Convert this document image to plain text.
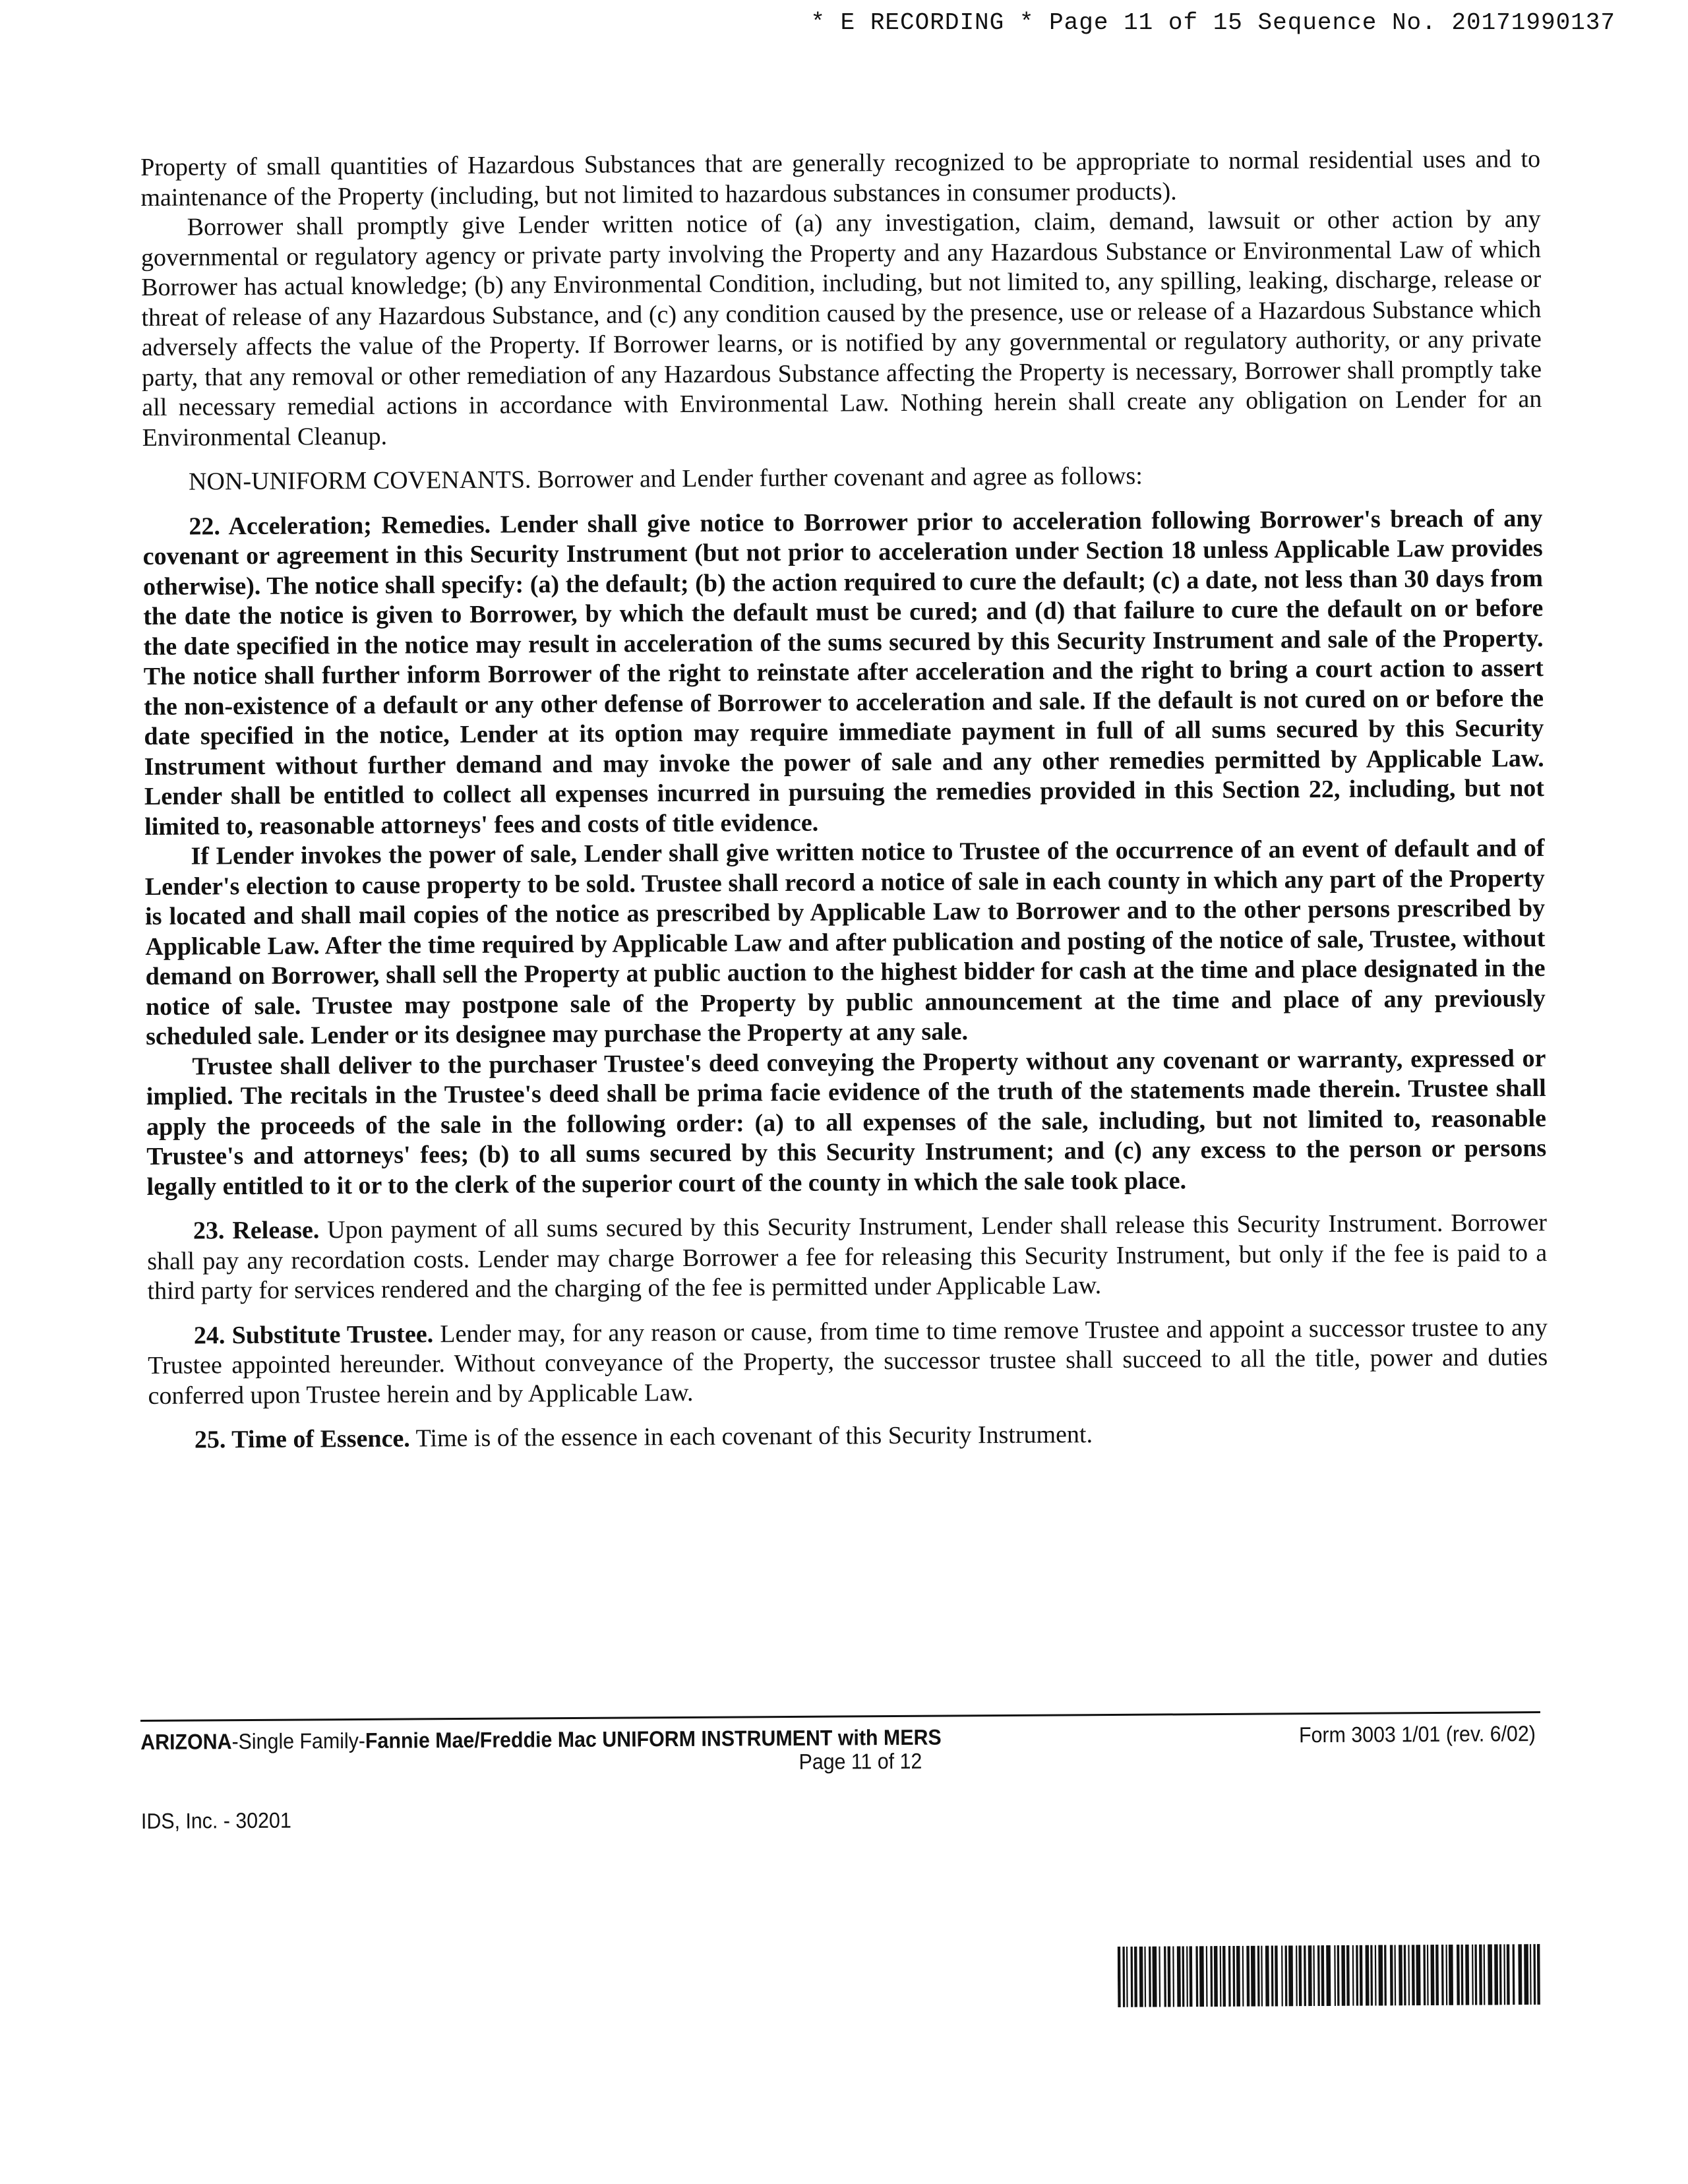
* E RECORDING * Page 11 of 15 Sequence No. 20171990137

Property of small quantities of Hazardous Substances that are generally recognized to be appropriate to normal residential uses and to maintenance of the Property (including, but not limited to hazardous substances in consumer products).

Borrower shall promptly give Lender written notice of (a) any investigation, claim, demand, lawsuit or other action by any governmental or regulatory agency or private party involving the Property and any Hazardous Substance or Environmental Law of which Borrower has actual knowledge; (b) any Environmental Condition, including, but not limited to, any spilling, leaking, discharge, release or threat of release of any Hazardous Substance, and (c) any condition caused by the presence, use or release of a Hazardous Substance which adversely affects the value of the Property. If Borrower learns, or is notified by any governmental or regulatory authority, or any private party, that any removal or other remediation of any Hazardous Substance affecting the Property is necessary, Borrower shall promptly take all necessary remedial actions in accordance with Environmental Law. Nothing herein shall create any obligation on Lender for an Environmental Cleanup.

NON-UNIFORM COVENANTS. Borrower and Lender further covenant and agree as follows:

22. Acceleration; Remedies. Lender shall give notice to Borrower prior to acceleration following Borrower's breach of any covenant or agreement in this Security Instrument (but not prior to acceleration under Section 18 unless Applicable Law provides otherwise). The notice shall specify: (a) the default; (b) the action required to cure the default; (c) a date, not less than 30 days from the date the notice is given to Borrower, by which the default must be cured; and (d) that failure to cure the default on or before the date specified in the notice may result in acceleration of the sums secured by this Security Instrument and sale of the Property. The notice shall further inform Borrower of the right to reinstate after acceleration and the right to bring a court action to assert the non-existence of a default or any other defense of Borrower to acceleration and sale. If the default is not cured on or before the date specified in the notice, Lender at its option may require immediate payment in full of all sums secured by this Security Instrument without further demand and may invoke the power of sale and any other remedies permitted by Applicable Law. Lender shall be entitled to collect all expenses incurred in pursuing the remedies provided in this Section 22, including, but not limited to, reasonable attorneys' fees and costs of title evidence.

If Lender invokes the power of sale, Lender shall give written notice to Trustee of the occurrence of an event of default and of Lender's election to cause property to be sold. Trustee shall record a notice of sale in each county in which any part of the Property is located and shall mail copies of the notice as prescribed by Applicable Law to Borrower and to the other persons prescribed by Applicable Law. After the time required by Applicable Law and after publication and posting of the notice of sale, Trustee, without demand on Borrower, shall sell the Property at public auction to the highest bidder for cash at the time and place designated in the notice of sale. Trustee may postpone sale of the Property by public announcement at the time and place of any previously scheduled sale. Lender or its designee may purchase the Property at any sale.

Trustee shall deliver to the purchaser Trustee's deed conveying the Property without any covenant or warranty, expressed or implied. The recitals in the Trustee's deed shall be prima facie evidence of the truth of the statements made therein. Trustee shall apply the proceeds of the sale in the following order: (a) to all expenses of the sale, including, but not limited to, reasonable Trustee's and attorneys' fees; (b) to all sums secured by this Security Instrument; and (c) any excess to the person or persons legally entitled to it or to the clerk of the superior court of the county in which the sale took place.

23. Release. Upon payment of all sums secured by this Security Instrument, Lender shall release this Security Instrument. Borrower shall pay any recordation costs. Lender may charge Borrower a fee for releasing this Security Instrument, but only if the fee is paid to a third party for services rendered and the charging of the fee is permitted under Applicable Law.

24. Substitute Trustee. Lender may, for any reason or cause, from time to time remove Trustee and appoint a successor trustee to any Trustee appointed hereunder. Without conveyance of the Property, the successor trustee shall succeed to all the title, power and duties conferred upon Trustee herein and by Applicable Law.

25. Time of Essence. Time is of the essence in each covenant of this Security Instrument.

ARIZONA-Single Family-Fannie Mae/Freddie Mac UNIFORM INSTRUMENT with MERS	Form 3003 1/01 (rev. 6/02)
Page 11 of 12
IDS, Inc. - 30201
